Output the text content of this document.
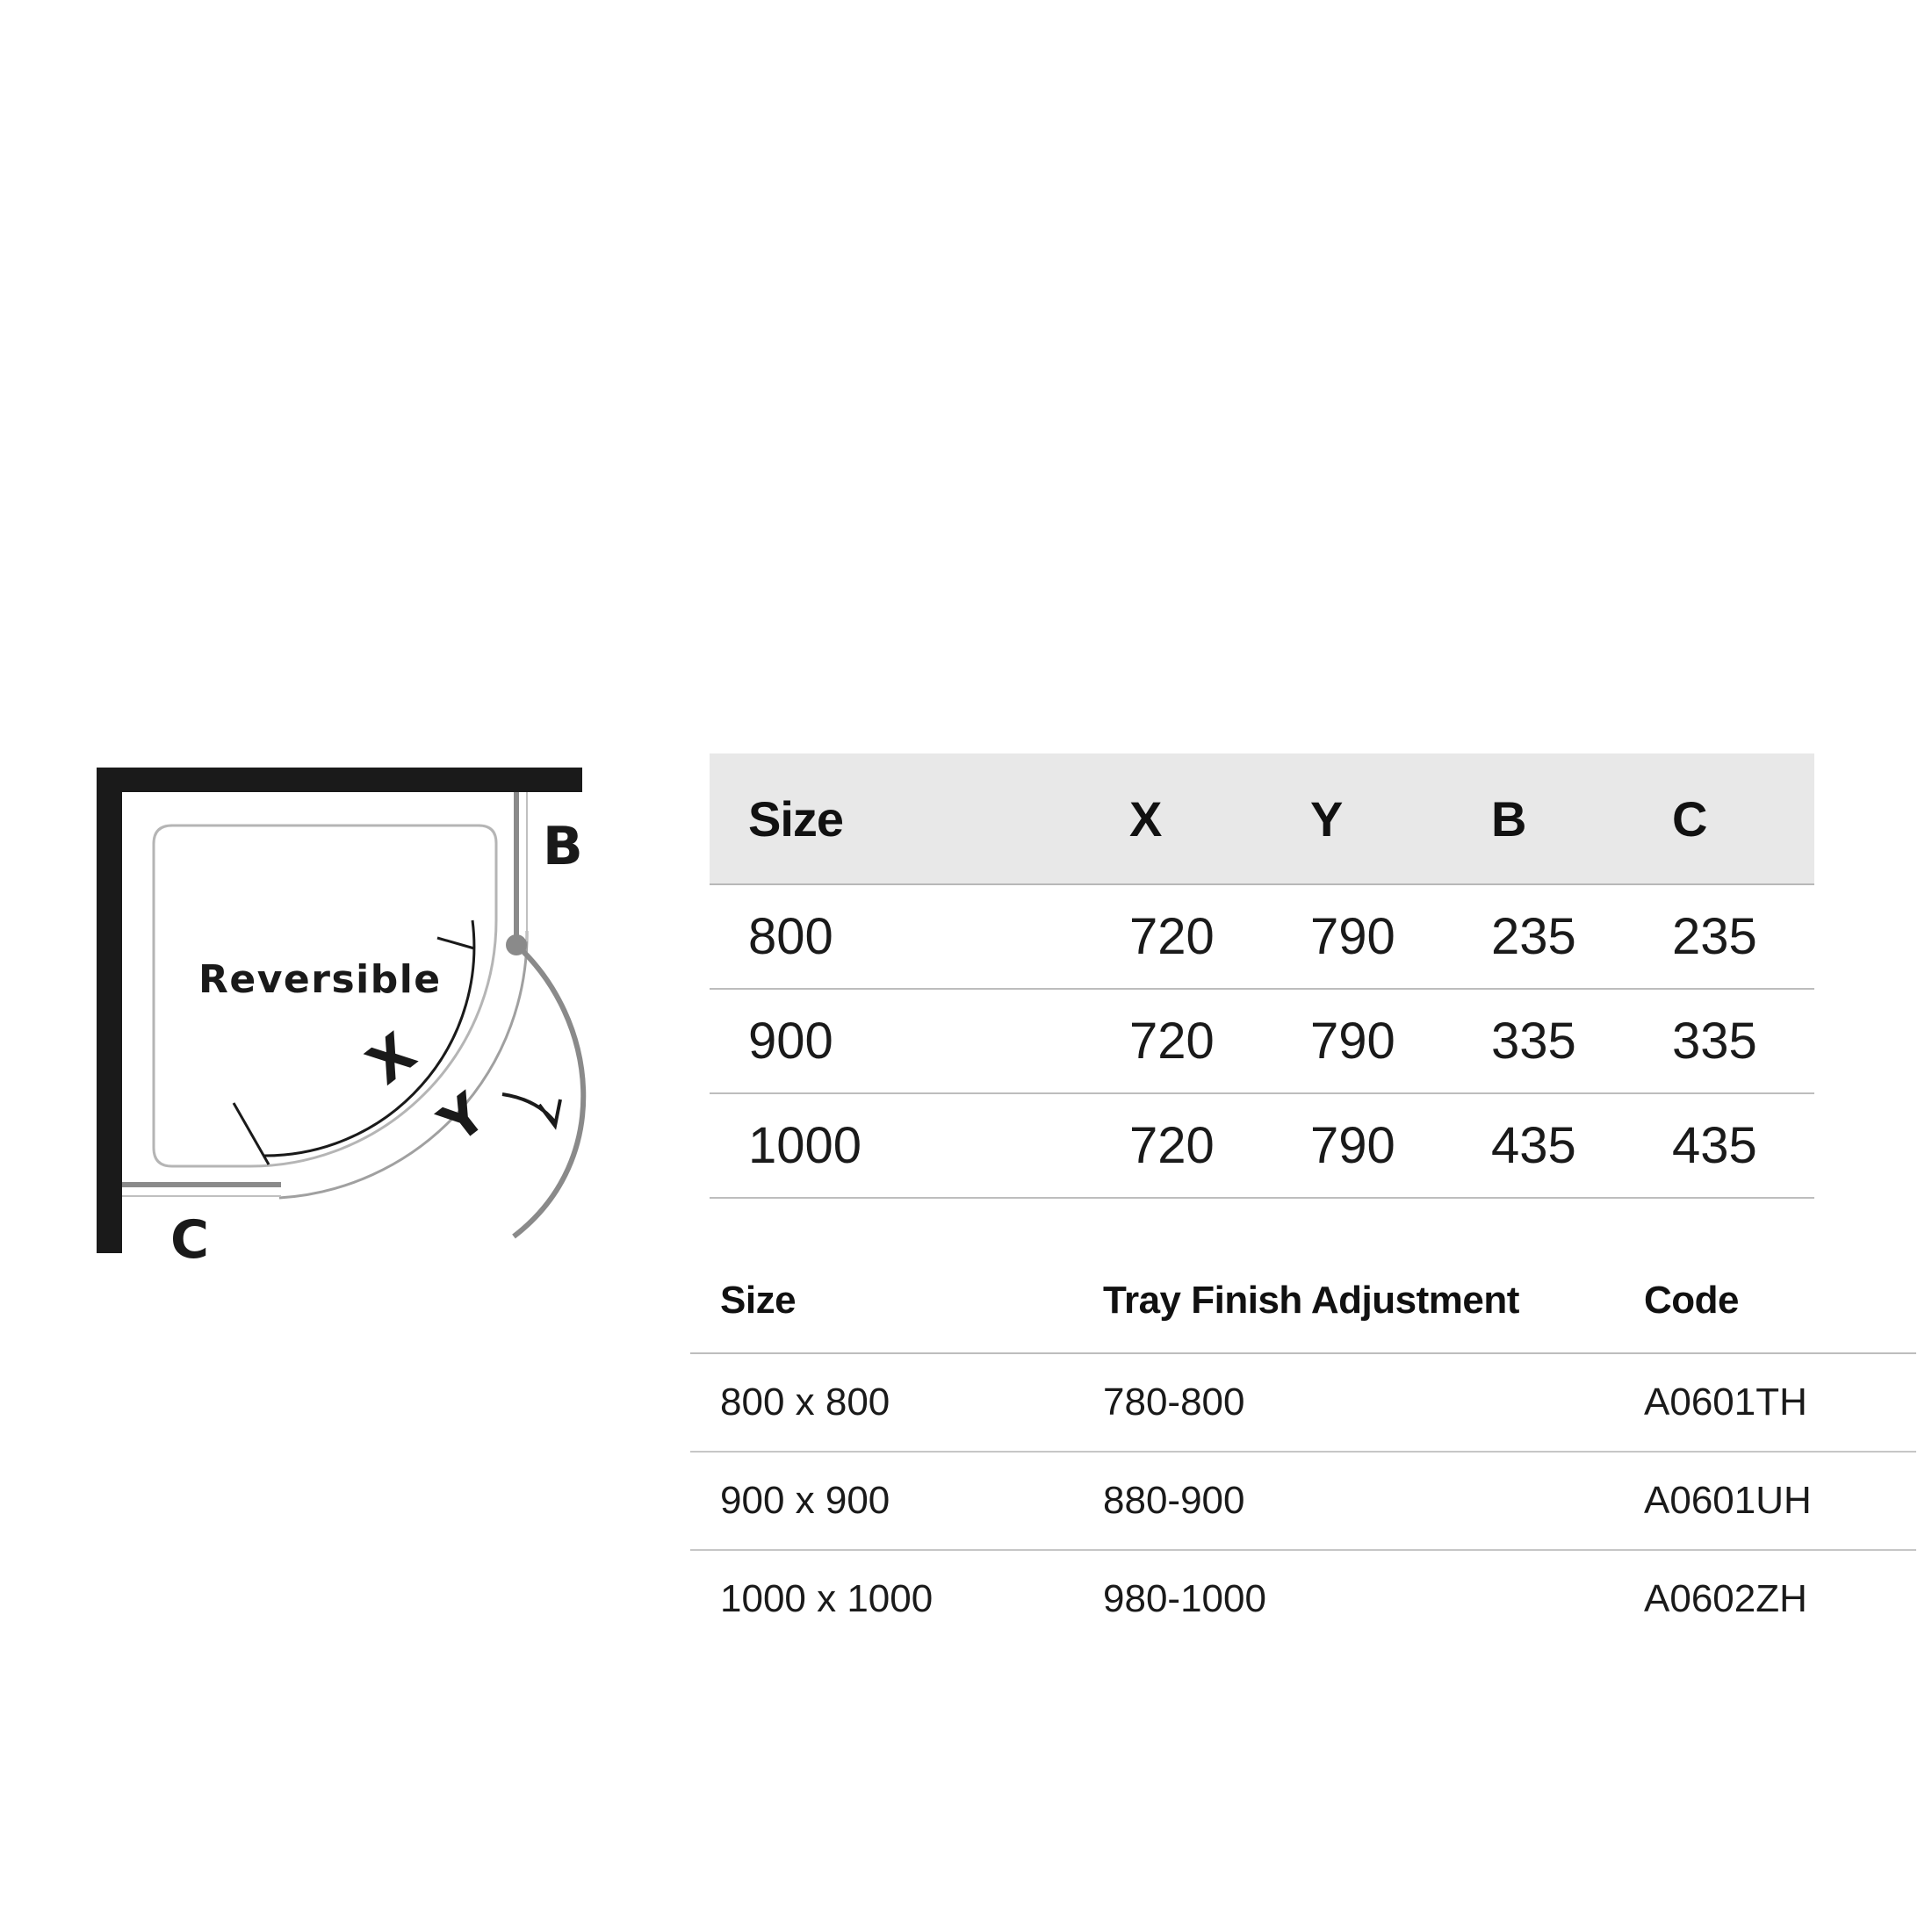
Reversible
X
Y
B
C
Size	X	Y	B	C
800	720	790	235	235
900	720	790	335	335
1000	720	790	435	435
Size	Tray Finish Adjustment	Code
800 x 800	780-800	A0601TH
900 x 900	880-900	A0601UH
1000 x 1000	980-1000	A0602ZH
